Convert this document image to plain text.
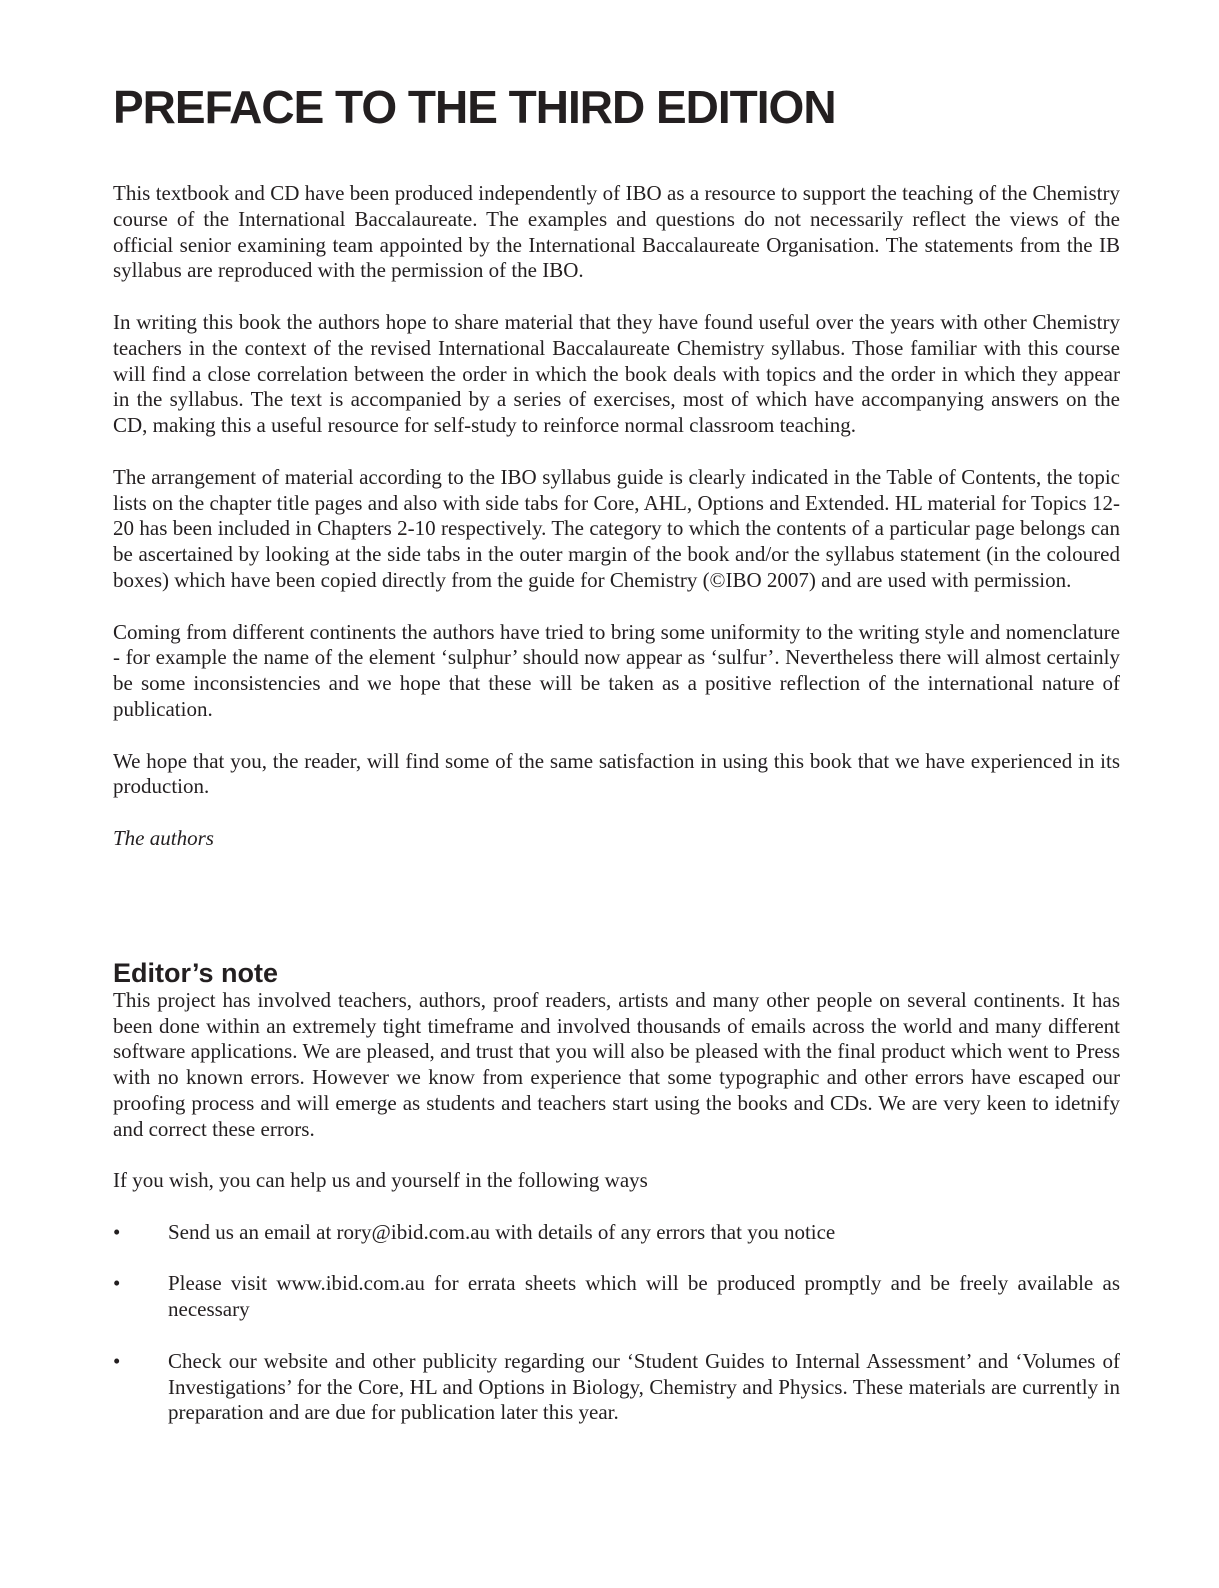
PREFACE TO THE THIRD EDITION

This textbook and CD have been produced independently of IBO as a resource to support the teaching of the Chemistry course of the International Baccalaureate. The examples and questions do not necessarily reflect the views of the official senior examining team appointed by the International Baccalaureate Organisation. The statements from the IB syllabus are reproduced with the permission of the IBO.

In writing this book the authors hope to share material that they have found useful over the years with other Chemistry teachers in the context of the revised International Baccalaureate Chemistry syllabus. Those familiar with this course will find a close correlation between the order in which the book deals with topics and the order in which they appear in the syllabus. The text is accompanied by a series of exercises, most of which have accompanying answers on the CD, making this a useful resource for self-study to reinforce normal classroom teaching.

The arrangement of material according to the IBO syllabus guide is clearly indicated in the Table of Contents, the topic lists on the chapter title pages and also with side tabs for Core, AHL, Options and Extended. HL material for Topics 12-20 has been included in Chapters 2-10 respectively. The category to which the contents of a particular page belongs can be ascertained by looking at the side tabs in the outer margin of the book and/or the syllabus statement (in the coloured boxes) which have been copied directly from the guide for Chemistry (©IBO 2007) and are used with permission.

Coming from different continents the authors have tried to bring some uniformity to the writing style and nomenclature - for example the name of the element ‘sulphur’ should now appear as ‘sulfur’. Nevertheless there will almost certainly be some inconsistencies and we hope that these will be taken as a positive reflection of the international nature of publication.

We hope that you, the reader, will find some of the same satisfaction in using this book that we have experienced in its production.

The authors

Editor’s note

This project has involved teachers, authors, proof readers, artists and many other people on several continents. It has been done within an extremely tight timeframe and involved thousands of emails across the world and many different software applications. We are pleased, and trust that you will also be pleased with the final product which went to Press with no known errors. However we know from experience that some typographic and other errors have escaped our proofing process and will emerge as students and teachers start using the books and CDs. We are very keen to idetnify and correct these errors.

If you wish, you can help us and yourself in the following ways

•	Send us an email at rory@ibid.com.au with details of any errors that you notice
•	Please visit www.ibid.com.au for errata sheets which will be produced promptly and be freely available as necessary
•	Check our website and other publicity regarding our ‘Student Guides to Internal Assessment’ and ‘Volumes of Investigations’ for the Core, HL and Options in Biology, Chemistry and Physics. These materials are currently in preparation and are due for publication later this year.
